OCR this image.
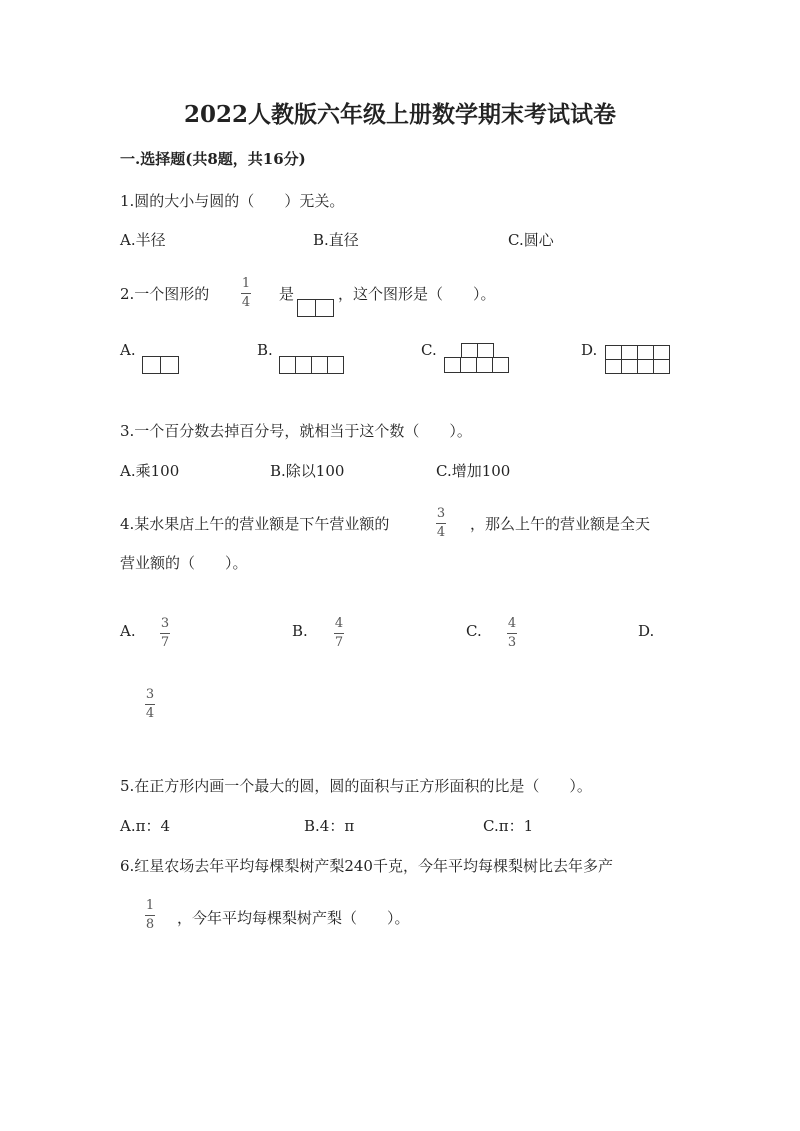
2022人教版六年级上册数学期末考试试卷
一.选择题(共8题，共16分)
1.圆的大小与圆的（　　）无关。
A.半径	B.直径	C.圆心
2.一个图形的
1
4 是	，这个图形是（　　）。
A.	B.	C.	D.
3.一个百分数去掉百分号，就相当于这个数（　　）。
A.乘100	B.除以100	C.增加100
4.某水果店上午的营业额是下午营业额的
3
4 ，那么上午的营业额是全天
营业额的（　　）。
A. 3
7
B. 4
7
C. 4
3
D.
3
4
5.在正方形内画一个最大的圆，圆的面积与正方形面积的比是（　　）。
A.π：4	B.4：π	C.π：1
6.红星农场去年平均每棵梨树产梨240千克，今年平均每棵梨树比去年多产
1
8 ，今年平均每棵梨树产梨（　　）。
